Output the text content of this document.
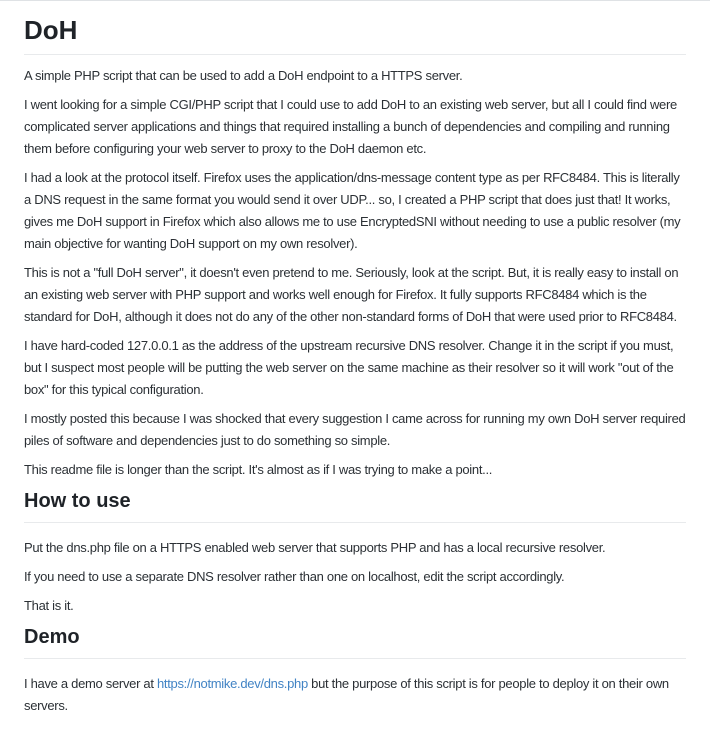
DoH

A simple PHP script that can be used to add a DoH endpoint to a HTTPS server.

I went looking for a simple CGI/PHP script that I could use to add DoH to an existing web server, but all I could find were complicated server applications and things that required installing a bunch of dependencies and compiling and running them before configuring your web server to proxy to the DoH daemon etc.

I had a look at the protocol itself. Firefox uses the application/dns-message content type as per RFC8484. This is literally a DNS request in the same format you would send it over UDP... so, I created a PHP script that does just that! It works, gives me DoH support in Firefox which also allows me to use EncryptedSNI without needing to use a public resolver (my main objective for wanting DoH support on my own resolver).

This is not a "full DoH server", it doesn't even pretend to me. Seriously, look at the script. But, it is really easy to install on an existing web server with PHP support and works well enough for Firefox. It fully supports RFC8484 which is the standard for DoH, although it does not do any of the other non-standard forms of DoH that were used prior to RFC8484.

I have hard-coded 127.0.0.1 as the address of the upstream recursive DNS resolver. Change it in the script if you must, but I suspect most people will be putting the web server on the same machine as their resolver so it will work "out of the box" for this typical configuration.

I mostly posted this because I was shocked that every suggestion I came across for running my own DoH server required piles of software and dependencies just to do something so simple.

This readme file is longer than the script. It's almost as if I was trying to make a point...

How to use

Put the dns.php file on a HTTPS enabled web server that supports PHP and has a local recursive resolver.

If you need to use a separate DNS resolver rather than one on localhost, edit the script accordingly.

That is it.

Demo

I have a demo server at https://notmike.dev/dns.php but the purpose of this script is for people to deploy it on their own servers.
